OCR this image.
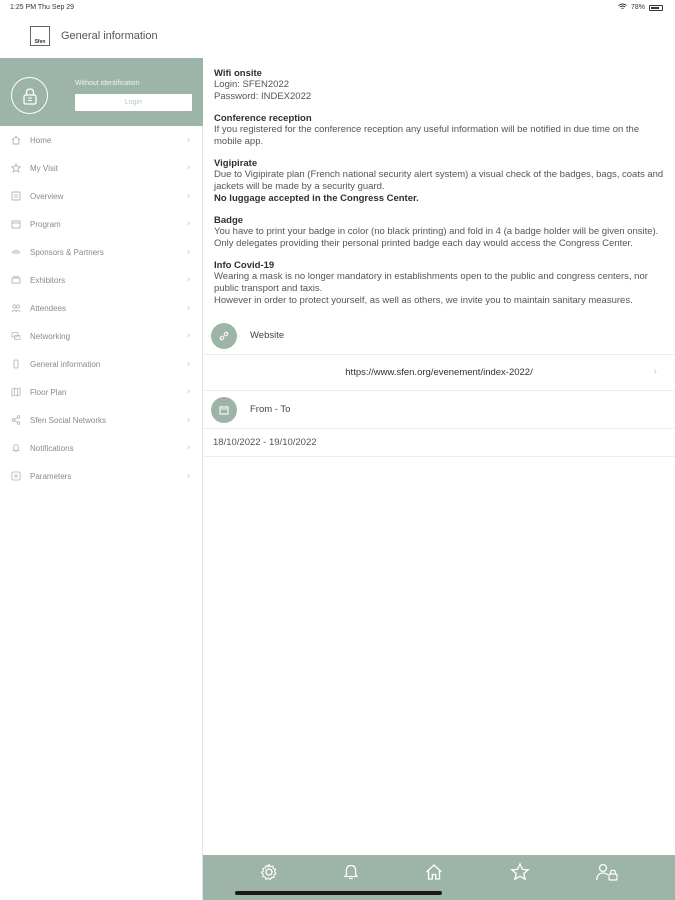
1:25 PM Thu Sep 29	78%
Sfen General information
Without identification
Login
Home	›
My Visit	›
Overview	›
Program	›
Sponsors & Partners	›
Exhibitors	›
Attendees	›
Networking	›
General information	›
Floor Plan	›
Sfen Social Networks	›
Notifications	›
Parameters	›
Wifi onsite

Login: SFEN2022

Password: INDEX2022

Conference reception

If you registered for the conference reception any useful information will be notified in due time on the mobile app.

Vigipirate

Due to Vigipirate plan (French national security alert system) a visual check of the badges, bags, coats and jackets will be made by a security guard.

No luggage accepted in the Congress Center.

Badge

You have to print your badge in color (no black printing) and fold in 4 (a badge holder will be given onsite). Only delegates providing their personal printed badge each day would access the Congress Center.

Info Covid-19

Wearing a mask is no longer mandatory in establishments open to the public and congress centers, nor public transport and taxis.

However in order to protect yourself, as well as others, we invite you to maintain sanitary measures.

Website
https://www.sfen.org/evenement/index-2022/	›
From - To
18/10/2022 - 19/10/2022
